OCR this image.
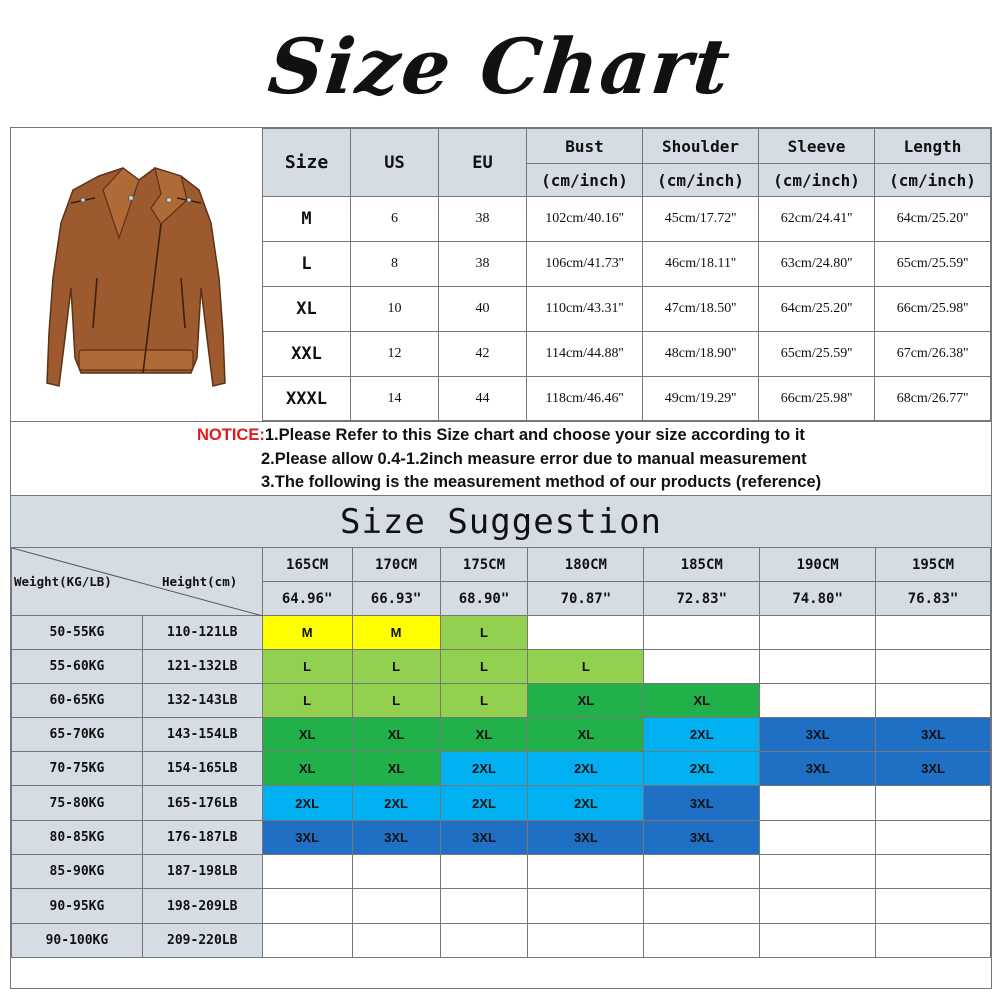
Size Chart
Size	US	EU	Bust	Shoulder	Sleeve	Length
			(cm/inch)	(cm/inch)	(cm/inch)	(cm/inch)
M	6	38	102cm/40.16''	45cm/17.72''	62cm/24.41''	64cm/25.20''
L	8	38	106cm/41.73''	46cm/18.11''	63cm/24.80''	65cm/25.59''
XL	10	40	110cm/43.31''	47cm/18.50''	64cm/25.20''	66cm/25.98''
XXL	12	42	114cm/44.88''	48cm/18.90''	65cm/25.59''	67cm/26.38''
XXXL	14	44	118cm/46.46''	49cm/19.29''	66cm/25.98''	68cm/26.77''
NOTICE:1.Please Refer to this Size chart and choose your size according to it
2.Please allow 0.4-1.2inch measure error due to manual measurement
3.The following is the measurement method of our products (reference)
Size Suggestion
Weight(KG/LB) Height(cm)		165CM	170CM	175CM	180CM	185CM	190CM	195CM
		64.96"	66.93"	68.90"	70.87"	72.83"	74.80"	76.83"
50-55KG	110-121LB	M	M	L				
55-60KG	121-132LB	L	L	L	L			
60-65KG	132-143LB	L	L	L	XL	XL		
65-70KG	143-154LB	XL	XL	XL	XL	2XL	3XL	3XL
70-75KG	154-165LB	XL	XL	2XL	2XL	2XL	3XL	3XL
75-80KG	165-176LB	2XL	2XL	2XL	2XL	3XL		
80-85KG	176-187LB	3XL	3XL	3XL	3XL	3XL		
85-90KG	187-198LB							
90-95KG	198-209LB							
90-100KG	209-220LB							
